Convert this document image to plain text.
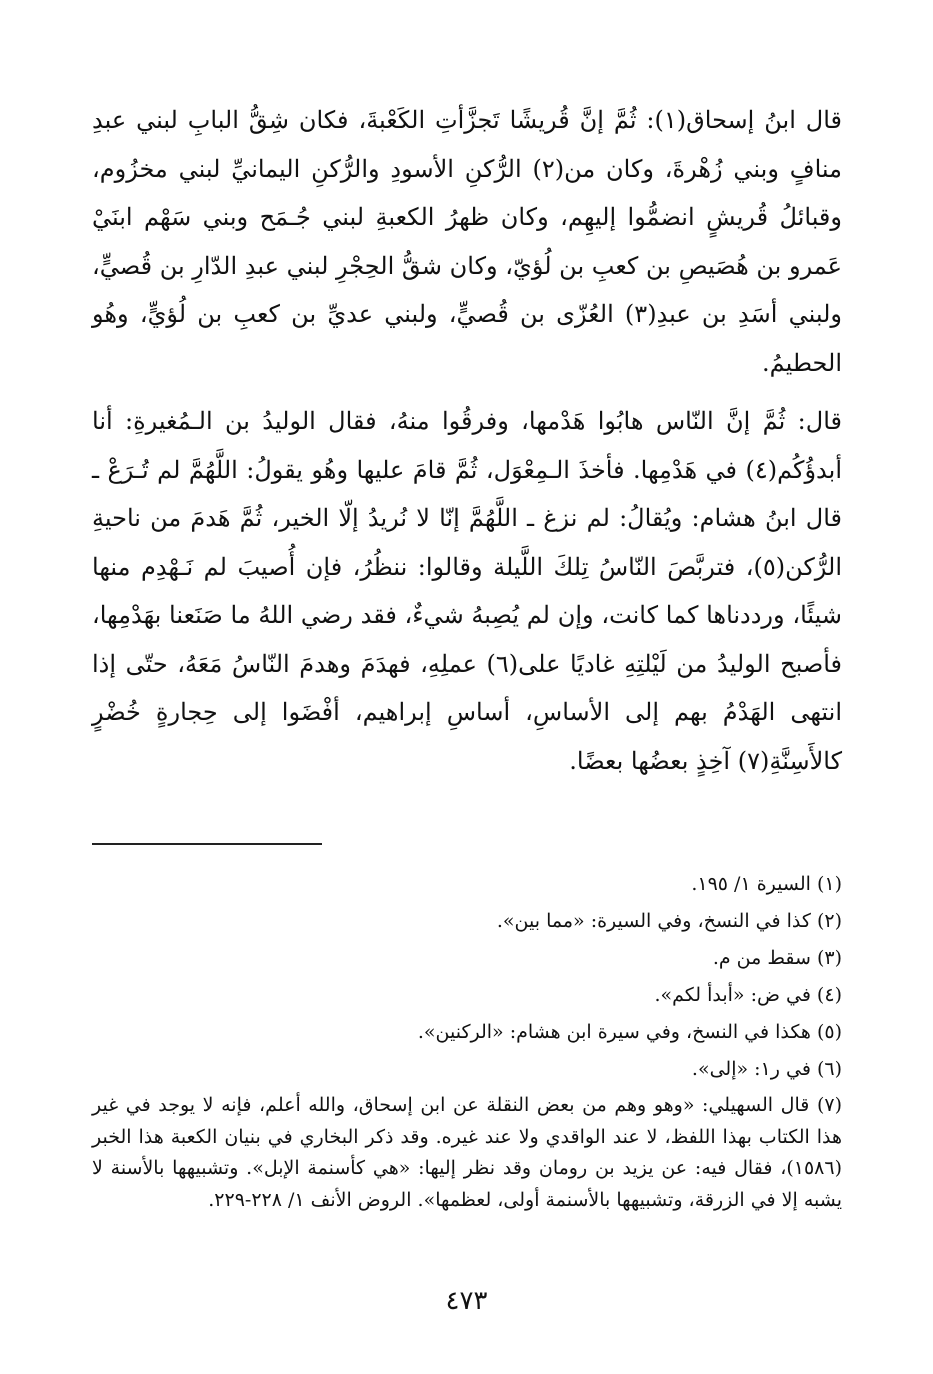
قال ابنُ إسحاق(١): ثُمَّ إنَّ قُريشًا تَجزَّأتِ الكَعْبةَ، فكان شِقُّ البابِ لبني عبدِ منافٍ وبني زُهْرةَ، وكان من(٢) الرُّكنِ الأسودِ والرُّكنِ اليمانيِّ لبني مخزُوم، وقبائلُ قُريشٍ انضمُّوا إليهِم، وكان ظهرُ الكعبةِ لبني جُـمَح وبني سَهْم ابنَيْ عَمرو بن هُصَيصِ بن كعبِ بن لُؤيّ، وكان شقُّ الحِجْرِ لبني عبدِ الدّارِ بن قُصيٍّ، ولبني أسَدِ بن عبدِ(٣) العُزّى بن قُصيٍّ، ولبني عديِّ بن كعبِ بن لُؤيٍّ، وهُو الحطيمُ.

قال: ثُمَّ إنَّ النّاس هابُوا هَدْمها، وفرقُوا منهُ، فقال الوليدُ بن الـمُغيرةِ: أنا أبدؤُكُم(٤) في هَدْمِها. فأخذَ الـمِعْوَل، ثُمَّ قامَ عليها وهُو يقولُ: اللَّهُمَّ لم تُـرَعْ ـ قال ابنُ هشام: ويُقالُ: لم نزغ ـ اللَّهُمَّ إنّا لا نُريدُ إلّا الخير، ثُمَّ هَدمَ من ناحيةِ الرُّكن(٥)، فتربَّصَ النّاسُ تِلكَ اللَّيلة وقالوا: ننظُرُ، فإن أُصيبَ لم نَـهْدِم منها شيئًا، ورددناها كما كانت، وإن لم يُصِبهُ شيءٌ، فقد رضي اللهُ ما صَنَعنا بهَدْمِها، فأصبح الوليدُ من لَيْلتِهِ غاديًا على(٦) عملِهِ، فهدَمَ وهدمَ النّاسُ مَعَهُ، حتّى إذا انتهى الهَدْمُ بهم إلى الأساسِ، أساسِ إبراهيم، أفْضَوا إلى حِجارةٍ خُضْرٍ كالأَسِنَّةِ(٧) آخِذٍ بعضُها بعضًا.

(١) السيرة ١/ ١٩٥.

(٢) كذا في النسخ، وفي السيرة: «مما بين».

(٣) سقط من م.

(٤) في ض: «أبدأ لكم».

(٥) هكذا في النسخ، وفي سيرة ابن هشام: «الركنين».

(٦) في ر١: «إلى».

(٧) قال السهيلي: «وهو وهم من بعض النقلة عن ابن إسحاق، والله أعلم، فإنه لا يوجد في غير هذا الكتاب بهذا اللفظ، لا عند الواقدي ولا عند غيره. وقد ذكر البخاري في بنيان الكعبة هذا الخبر (١٥٨٦)، فقال فيه: عن يزيد بن رومان وقد نظر إليها: «هي كأسنمة الإبل». وتشبيهها بالأسنة لا يشبه إلا في الزرقة، وتشبيهها بالأسنمة أولى، لعظمها». الروض الأنف ١/ ٢٢٨-٢٢٩.

٤٧٣
